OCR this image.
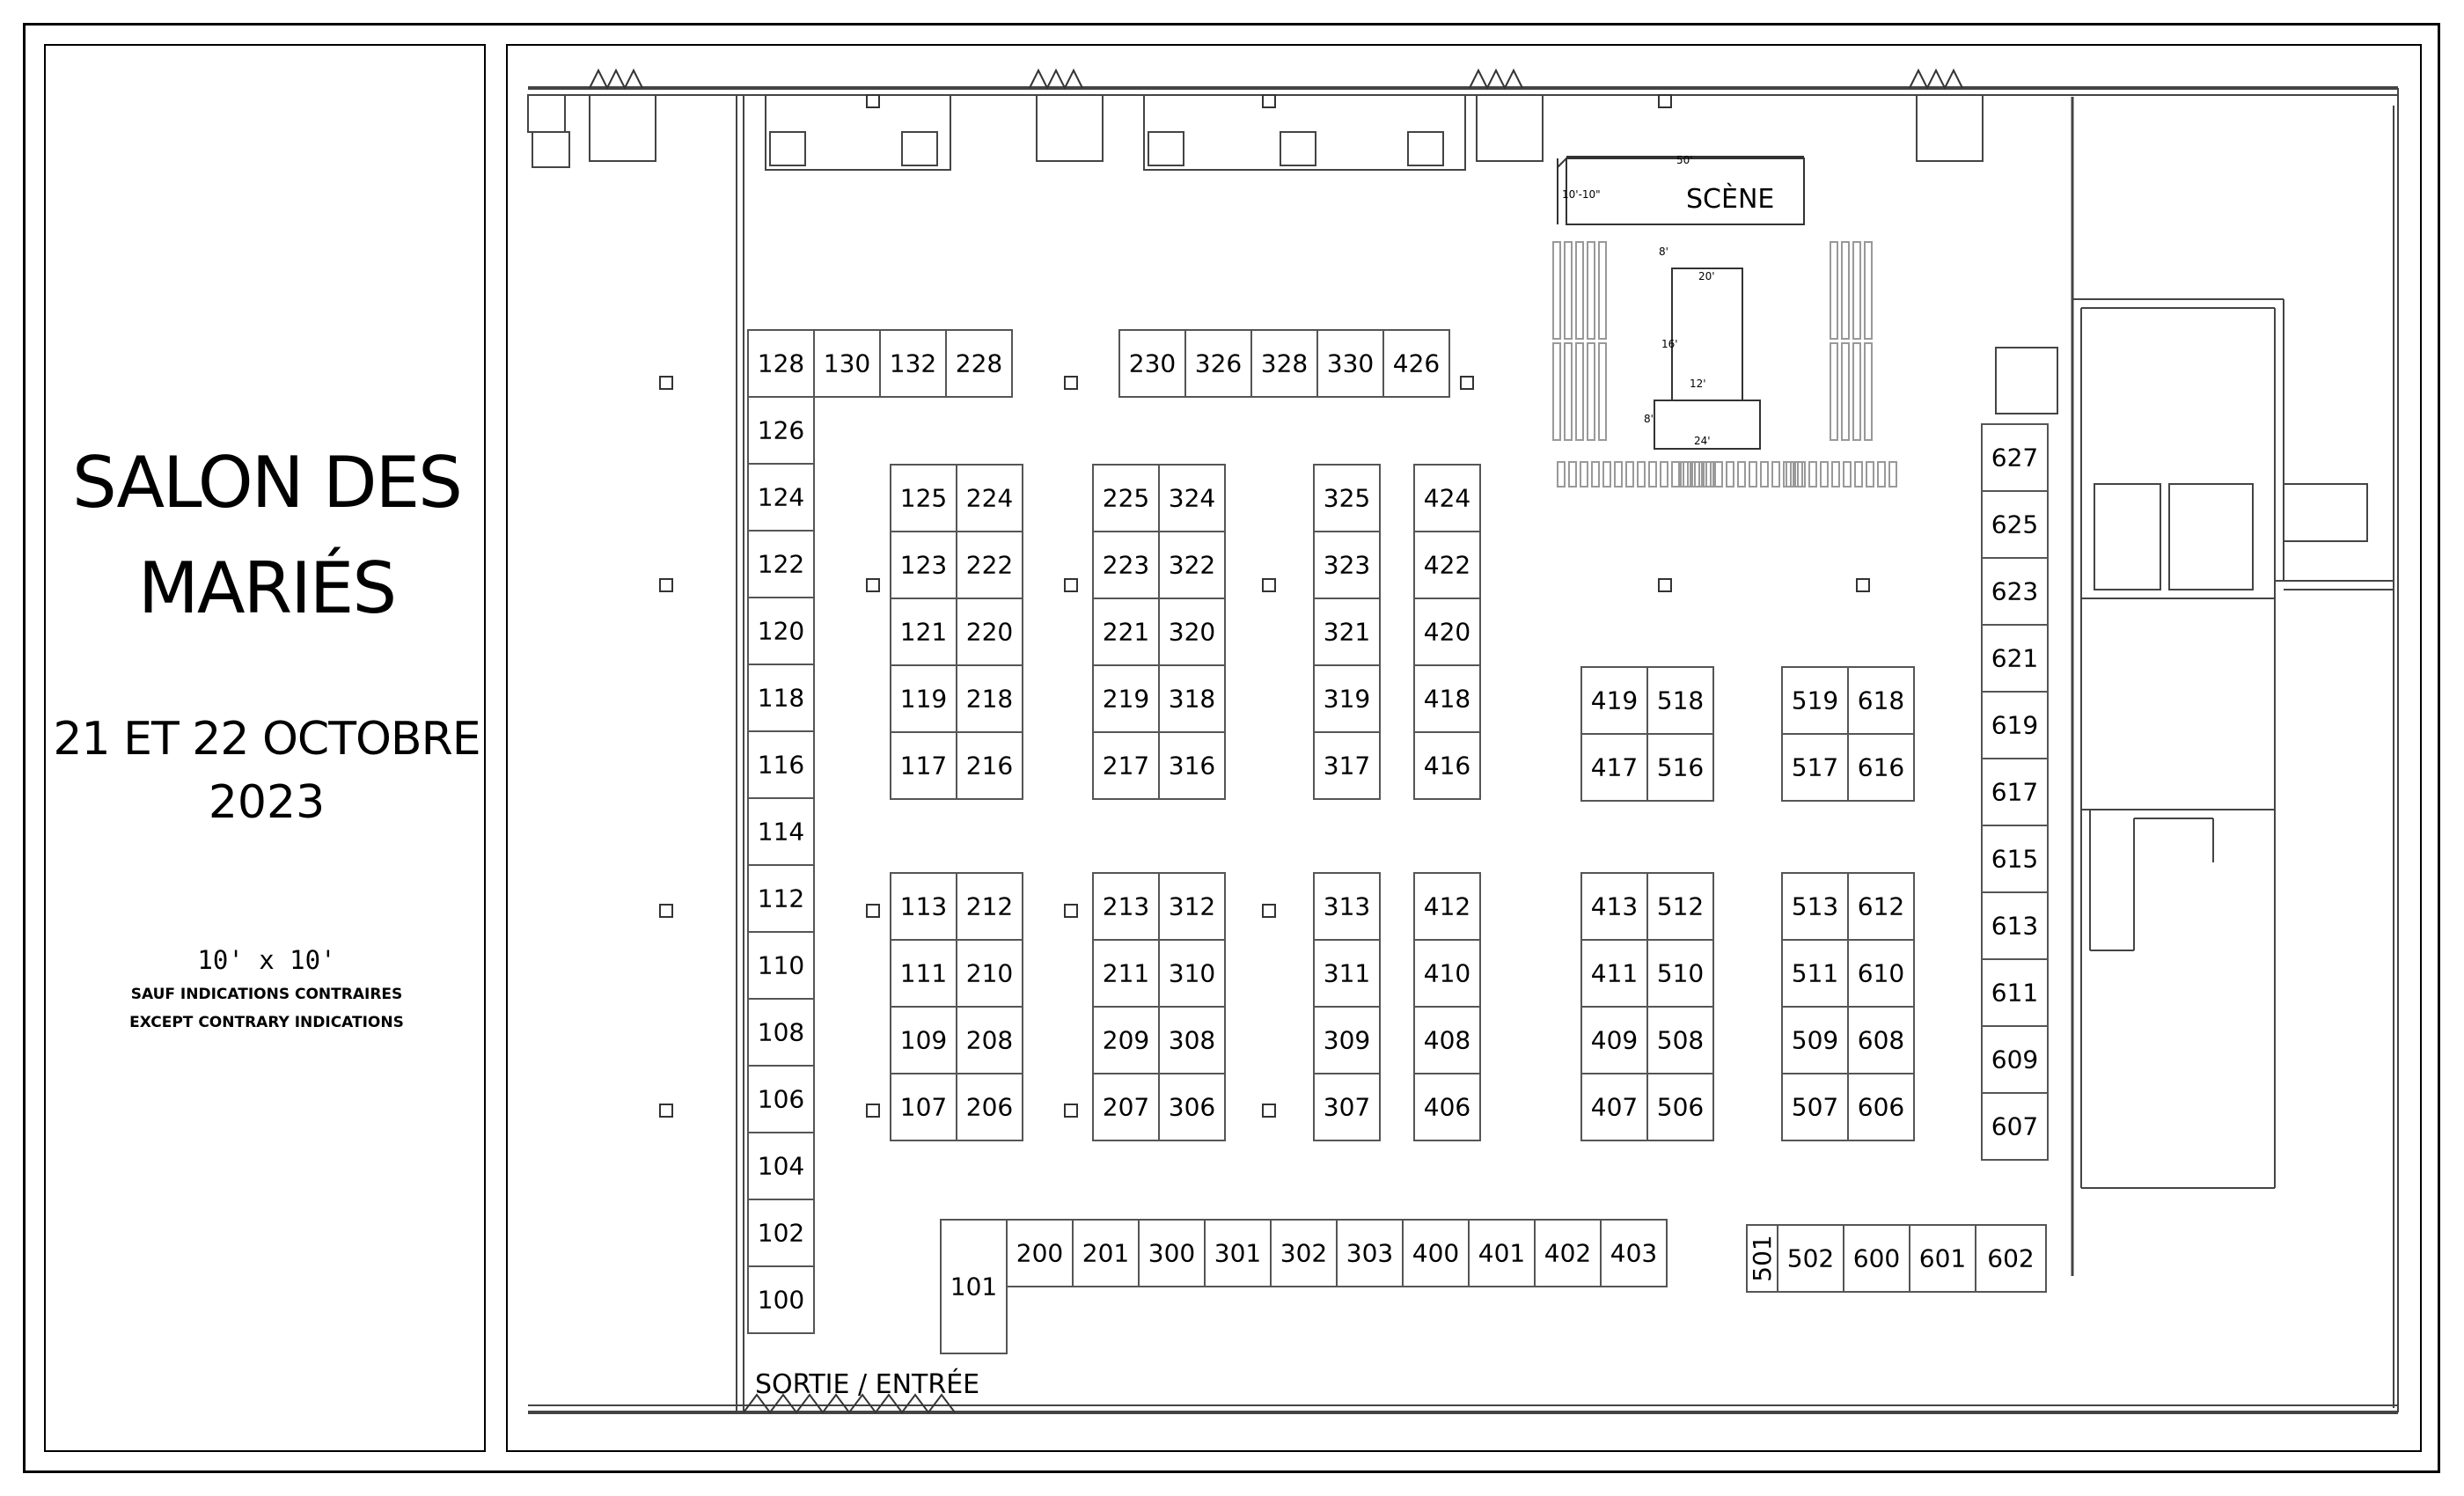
SALON DES
MARIÉS
21 ET 22 OCTOBRE
2023
10' x 10'
SAUF INDICATIONS CONTRAIRES
EXCEPT CONTRARY INDICATIONS
SCÈNE
50'
10'-10"
8'
20'
16'
12'
8'
24'
100	101
102
104
106	107
108	109
110	111
112	113
114
116	117
118	119
120	121
122	123
124	125
126
128 130 132
200 201
206	207
208	209
210	211
212	213
216	217
218	219
220	221
222	223
224	225
228	230
300 301 302 303
306	307
308	309
310	311
312	313
316	317
318	319
320	321
322	323
324	325
326 328 330
400 401 402 403
406	407
408	409
410	411
412	413
416	417
418	419
420
422
424
426
501 502
506	507
508	509
510	511
512	513
516	517
518	519
600 601 602
606
607
608
609
610
611
612
613
615
616
617
618
619
621
623
625
627
SORTIE / ENTRÉE
